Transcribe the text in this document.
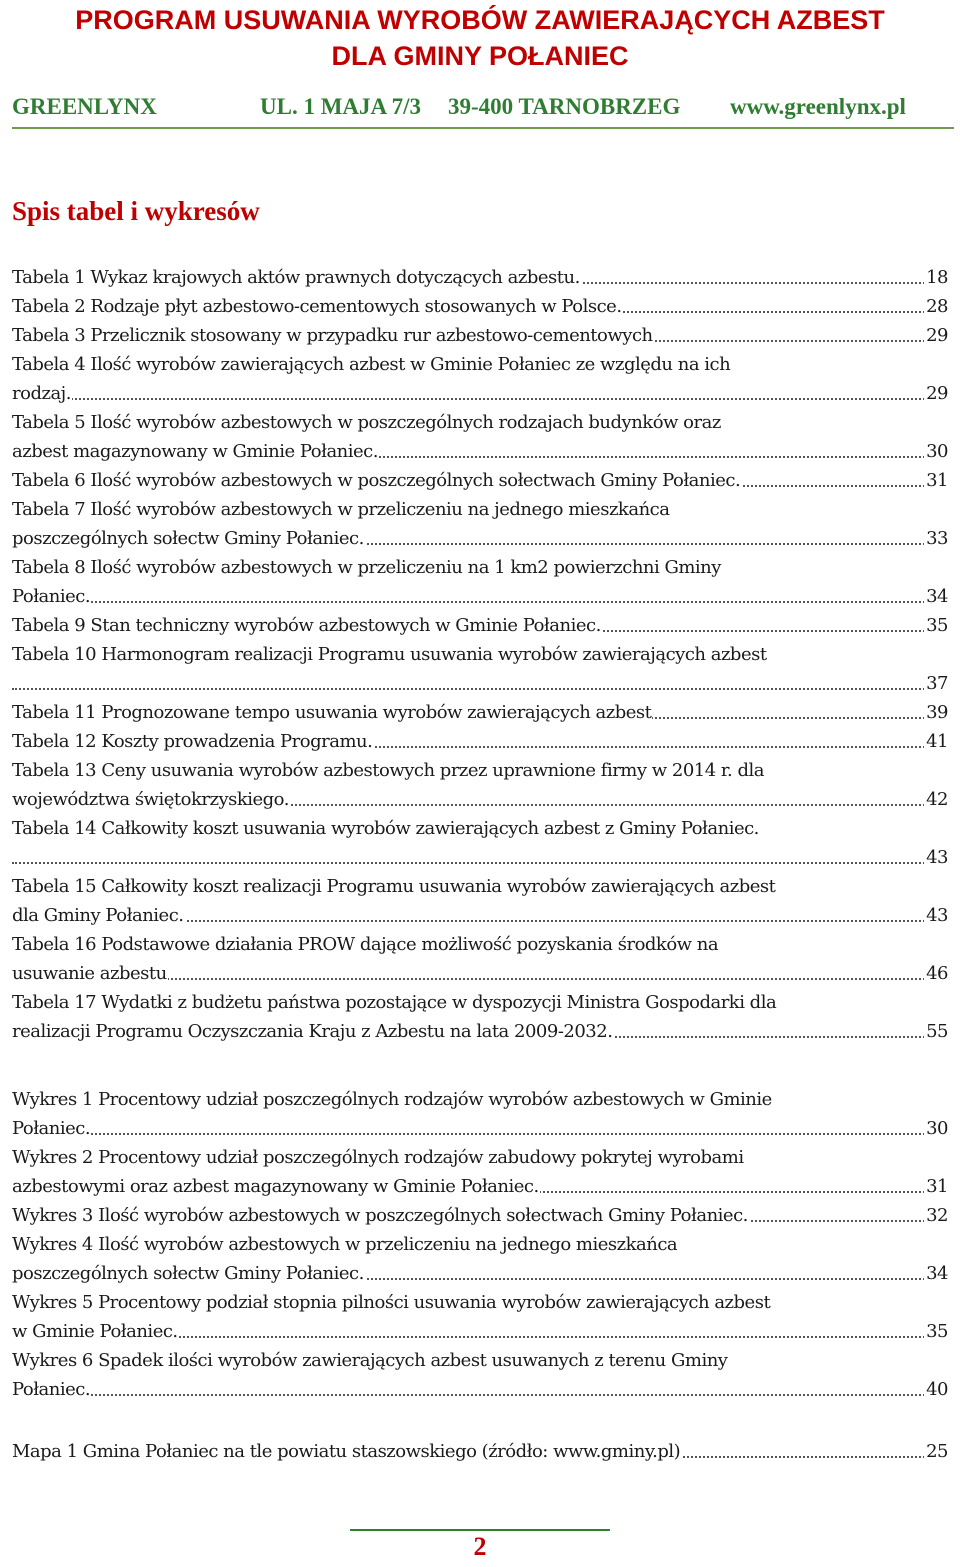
PROGRAM USUWANIA WYROBÓW ZAWIERAJĄCYCH AZBEST
DLA GMINY POŁANIEC

GREENLYNX

	UL. 1 MAJA 7/3

39-400 TARNOBRZEG

www.greenlynx.pl

Spis tabel i wykresów
Tabela 1 Wykaz krajowych aktów prawnych dotyczących azbestu.	18
Tabela 2 Rodzaje płyt azbestowo-cementowych stosowanych w Polsce.	28
Tabela 3 Przelicznik stosowany w przypadku rur azbestowo-cementowych	29
Tabela 4 Ilość wyrobów zawierających azbest w Gminie Połaniec ze względu na ich
rodzaj.	29
Tabela 5 Ilość wyrobów azbestowych w poszczególnych rodzajach budynków oraz
azbest magazynowany w Gminie Połaniec.	30
Tabela 6 Ilość wyrobów azbestowych w poszczególnych sołectwach Gminy Połaniec.	31
Tabela 7 Ilość wyrobów azbestowych w przeliczeniu na jednego mieszkańca
poszczególnych sołectw Gminy Połaniec.	33
Tabela 8 Ilość wyrobów azbestowych w przeliczeniu na 1 km2 powierzchni Gminy
Połaniec.	34
Tabela 9 Stan techniczny wyrobów azbestowych w Gminie Połaniec.	35
Tabela 10 Harmonogram realizacji Programu usuwania wyrobów zawierających azbest
37
Tabela 11 Prognozowane tempo usuwania wyrobów zawierających azbest	39
Tabela 12 Koszty prowadzenia Programu.	41
Tabela 13 Ceny usuwania wyrobów azbestowych przez uprawnione firmy w 2014 r. dla
województwa świętokrzyskiego.	42
Tabela 14 Całkowity koszt usuwania wyrobów zawierających azbest z Gminy Połaniec.
43
Tabela 15 Całkowity koszt realizacji Programu usuwania wyrobów zawierających azbest
dla Gminy Połaniec.	43
Tabela 16 Podstawowe działania PROW dające możliwość pozyskania środków na
usuwanie azbestu	46
Tabela 17 Wydatki z budżetu państwa pozostające w dyspozycji Ministra Gospodarki dla
realizacji Programu Oczyszczania Kraju z Azbestu na lata 2009-2032.	55
Wykres 1 Procentowy udział poszczególnych rodzajów wyrobów azbestowych w Gminie
Połaniec.	30
Wykres 2 Procentowy udział poszczególnych rodzajów zabudowy pokrytej wyrobami
azbestowymi oraz azbest magazynowany w Gminie Połaniec.	31
Wykres 3 Ilość wyrobów azbestowych w poszczególnych sołectwach Gminy Połaniec.	32
Wykres 4 Ilość wyrobów azbestowych w przeliczeniu na jednego mieszkańca
poszczególnych sołectw Gminy Połaniec.	34
Wykres 5 Procentowy podział stopnia pilności usuwania wyrobów zawierających azbest
w Gminie Połaniec.	35
Wykres 6 Spadek ilości wyrobów zawierających azbest usuwanych z terenu Gminy
Połaniec.	40
Mapa 1 Gmina Połaniec na tle powiatu staszowskiego (źródło: www.gminy.pl)	25
2
